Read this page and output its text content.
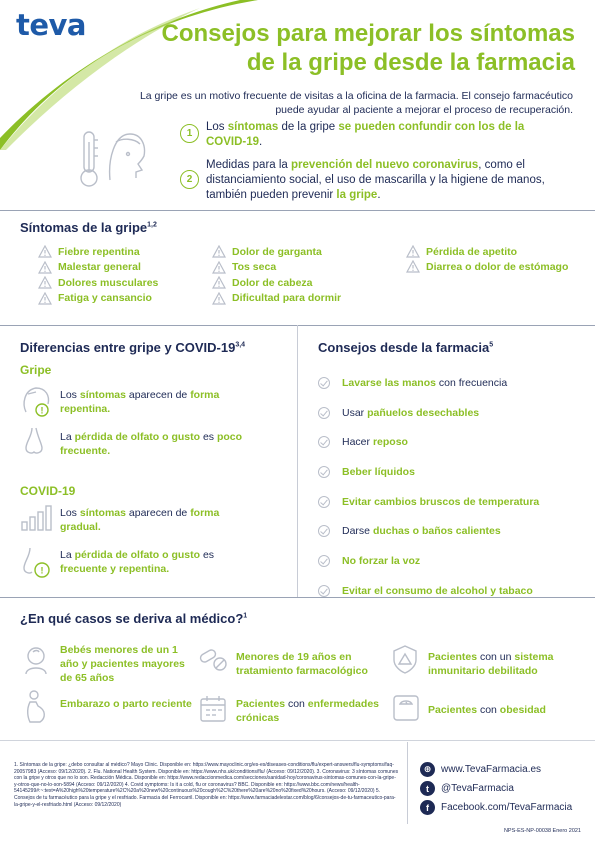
teva	Consejos para mejorar los síntomas
de la gripe desde la farmacia
La gripe es un motivo frecuente de visitas a la oficina de la farmacia. El consejo farmacéutico
puede ayudar al paciente a mejorar el proceso de recuperación.
1
Los síntomas de la gripe se pueden confundir con los de la COVID-19.
2
Medidas para la prevención del nuevo coronavirus, como el distanciamiento social, el uso de mascarilla y la higiene de manos, también pueden prevenir la gripe.
Síntomas de la gripe$^{1,2}$
Fiebre repentina
Malestar general
Dolores musculares
Fatiga y cansancio
Dolor de garganta
Tos seca
Dolor de cabeza
Dificultad para dormir
Pérdida de apetito
Diarrea o dolor de estómago
Diferencias entre gripe y COVID-19$^{3,4}$
Gripe
!
Los síntomas aparecen de forma repentina.
La pérdida de olfato o gusto es poco frecuente.
COVID-19
Los síntomas aparecen de forma gradual.
!
La pérdida de olfato o gusto es frecuente y repentina.
Consejos desde la farmacia$^5$
Lavarse las manos con frecuencia
Usar pañuelos desechables
Hacer reposo
Beber líquidos
Evitar cambios bruscos de temperatura
Darse duchas o baños calientes
No forzar la voz
Evitar el consumo de alcohol y tabaco
¿En qué casos se deriva al médico?$^1$
Bebés menores de un 1 año y pacientes mayores de 65 años
Menores de 19 años en tratamiento farmacológico
Pacientes con un sistema inmunitario debilitado
Embarazo o parto reciente	Pacientes con enfermedades crónicas
Pacientes con obesidad
1. Síntomas de la gripe: ¿debo consultar al médico? Mayo Clinic. Disponible en: https://www.mayoclinic.org/es-es/diseases-conditions/flu/expert-answers/flu-symptoms/faq-20057983 (Acceso: 09/12/2020). 2. Flu. National Health System. Disponible en: https://www.nhs.uk/conditions/flu/ (Acceso: 09/12/2020). 3. Coronavirus: 3 síntomas comunes con la gripe y otros que no lo son. Redacción Médica. Disponible en: https://www.redaccionmedica.com/secciones/sanidad-hoy/coronavirus-sintomas-comunes-con-la-gripe-y-otros-que-no-lo-son-5894 (Acceso: 09/12/2020) 4. Covid symptoms: Is it a cold, flu or coronavirus? BBC. Disponible en: https://www.bbc.com/news/health-54145299#:~:text=A%20high%20temperature%2C%20a%20new%20continuous%20cough%2C%20there%20are%20no%20fixed%20hours. (Acceso: 09/12/2020) 5. Consejos de tu farmacéutico para la gripe y el resfriado. Farmacia del Ferrocarril. Disponible en: https://www.farmaciadelestar.com/blog/6/consejos-de-tu-farmaceutico-para-la-gripe-y-el-resfriado.html (Acceso: 09/12/2020)
⊕ www.TevaFarmacia.es
t	@TevaFarmacia
f	Facebook.com/TevaFarmacia
NPS-ES-NP-00038 Enero 2021
